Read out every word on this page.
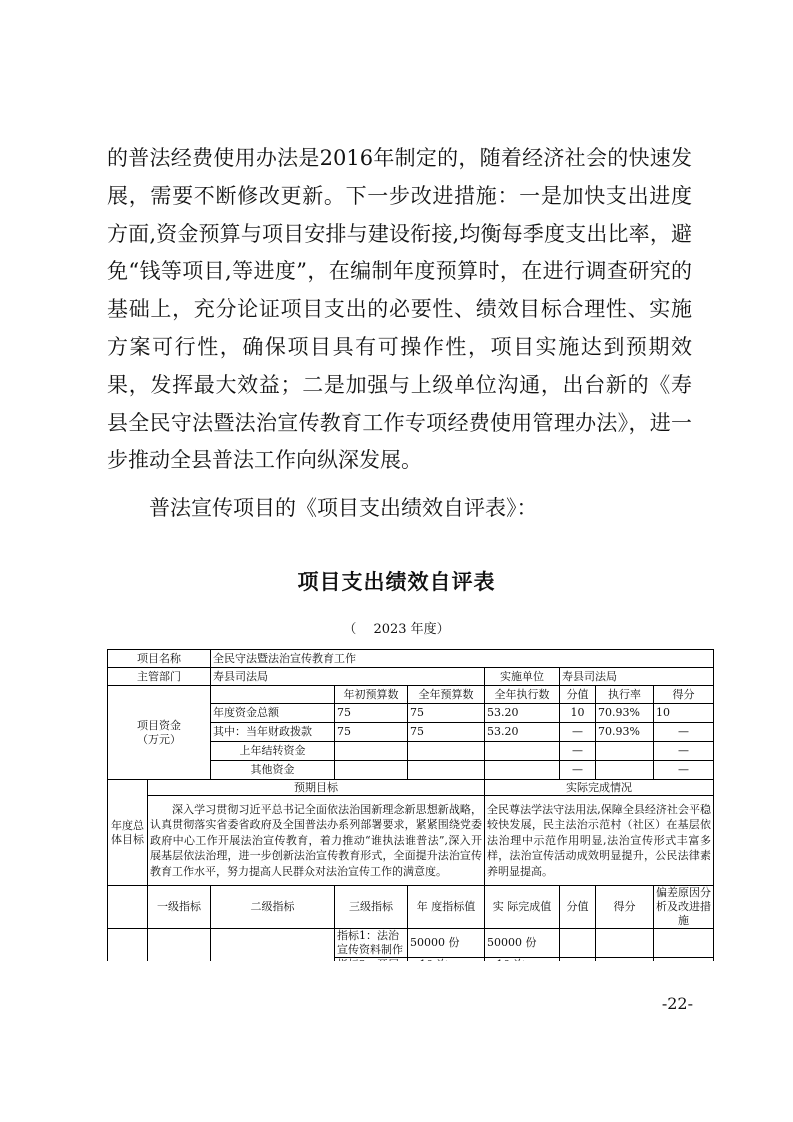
的普法经费使用办法是2016年制定的，随着经济社会的快速发展，需要不断修改更新。下一步改进措施：一是加快支出进度方面,资金预算与项目安排与建设衔接,均衡每季度支出比率，避免“钱等项目,等进度”，在编制年度预算时，在进行调查研究的基础上，充分论证项目支出的必要性、绩效目标合理性、实施方案可行性，确保项目具有可操作性，项目实施达到预期效果，发挥最大效益；二是加强与上级单位沟通，出台新的《寿县全民守法暨法治宣传教育工作专项经费使用管理办法》，进一步推动全县普法工作向纵深发展。

普法宣传项目的《项目支出绩效自评表》：

项目支出绩效自评表
（　 2023 年度）
项目名称		全民守法暨法治宣传教育工作						
主管部门		寿县司法局			实施单位	寿县司法局		

项目资金
（万元）			年初预算数	全年预算数	全年执行数	分值	执行率	得分
		年度资金总额	75	75	53.20	10	70.93%	10
		其中：当年财政拨款	75	75	53.20	—	70.93%	—
		上年结转资金				—		—
		其他资金				—		—
年度总体目标	预期目标				实际完成情况			
	深入学习贯彻习近平总书记全面依法治国新理念新思想新战略，认真贯彻落实省委省政府及全国普法办系列部署要求，紧紧围绕党委政府中心工作开展法治宣传教育，着力推动“谁执法谁普法”,深入开展基层依法治理，进一步创新法治宣传教育形式，全面提升法治宣传教育工作水平，努力提高人民群众对法治宣传工作的满意度。				全民尊法学法守法用法,保障全县经济社会平稳较快发展，民主法治示范村（社区）在基层依法治理中示范作用明显,法治宣传形式丰富多样，法治宣传活动成效明显提升，公民法律素养明显提高。			
	一级指标	二级指标	三级指标	年 度指标值	实 际完成值	分值	得分	偏差原因分析及改进措施
			指标1：法治宣传资料制作	50000 份	50000 份			

-22-
